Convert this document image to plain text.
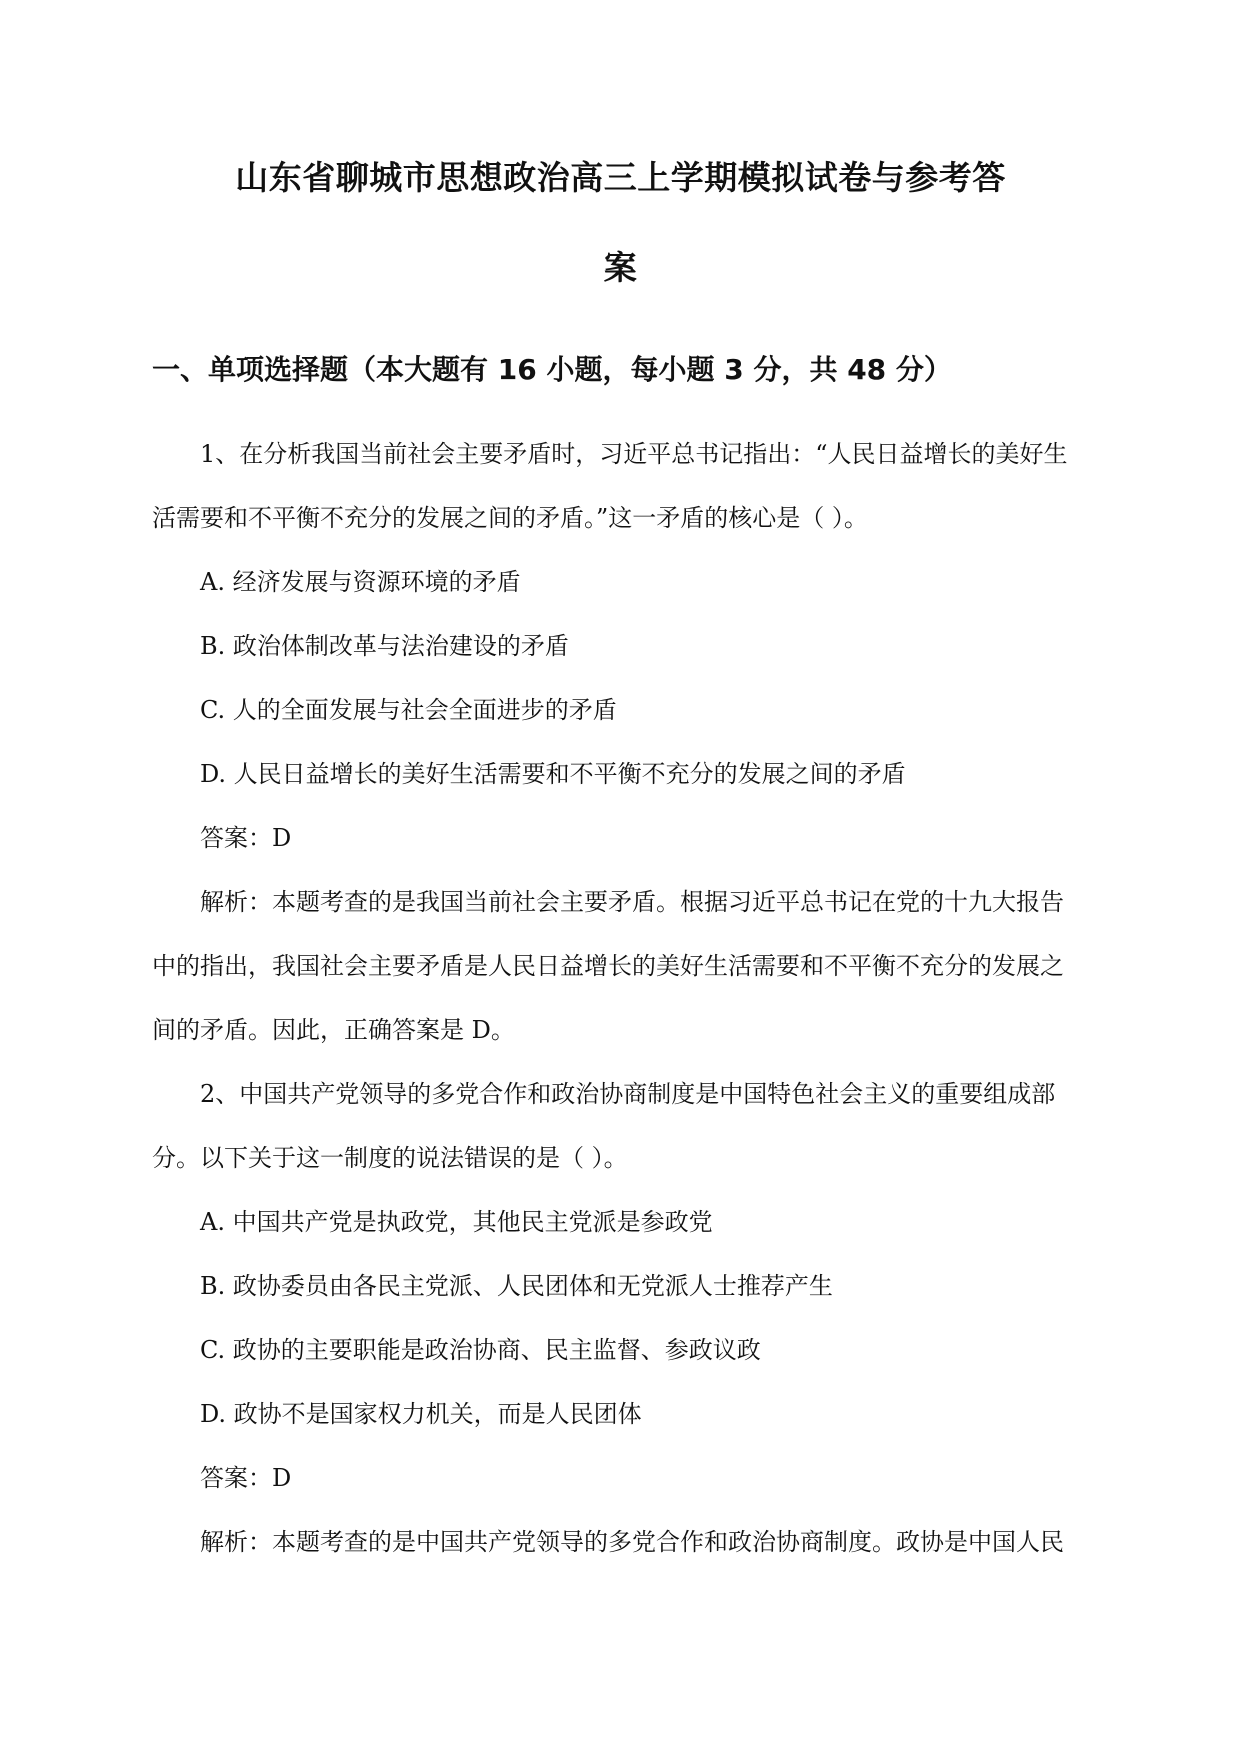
山东省聊城市思想政治高三上学期模拟试卷与参考答
案
一、单项选择题（本大题有 16 小题，每小题 3 分，共 48 分）
1、在分析我国当前社会主要矛盾时，习近平总书记指出：“人民日益增长的美好生
活需要和不平衡不充分的发展之间的矛盾。”这一矛盾的核心是（ ）。
A. 经济发展与资源环境的矛盾
B. 政治体制改革与法治建设的矛盾
C. 人的全面发展与社会全面进步的矛盾
D. 人民日益增长的美好生活需要和不平衡不充分的发展之间的矛盾
答案：D
解析：本题考查的是我国当前社会主要矛盾。根据习近平总书记在党的十九大报告
中的指出，我国社会主要矛盾是人民日益增长的美好生活需要和不平衡不充分的发展之
间的矛盾。因此，正确答案是 D。
2、中国共产党领导的多党合作和政治协商制度是中国特色社会主义的重要组成部
分。以下关于这一制度的说法错误的是（ ）。
A. 中国共产党是执政党，其他民主党派是参政党
B. 政协委员由各民主党派、人民团体和无党派人士推荐产生
C. 政协的主要职能是政治协商、民主监督、参政议政
D. 政协不是国家权力机关，而是人民团体
答案：D
解析：本题考查的是中国共产党领导的多党合作和政治协商制度。政协是中国人民
